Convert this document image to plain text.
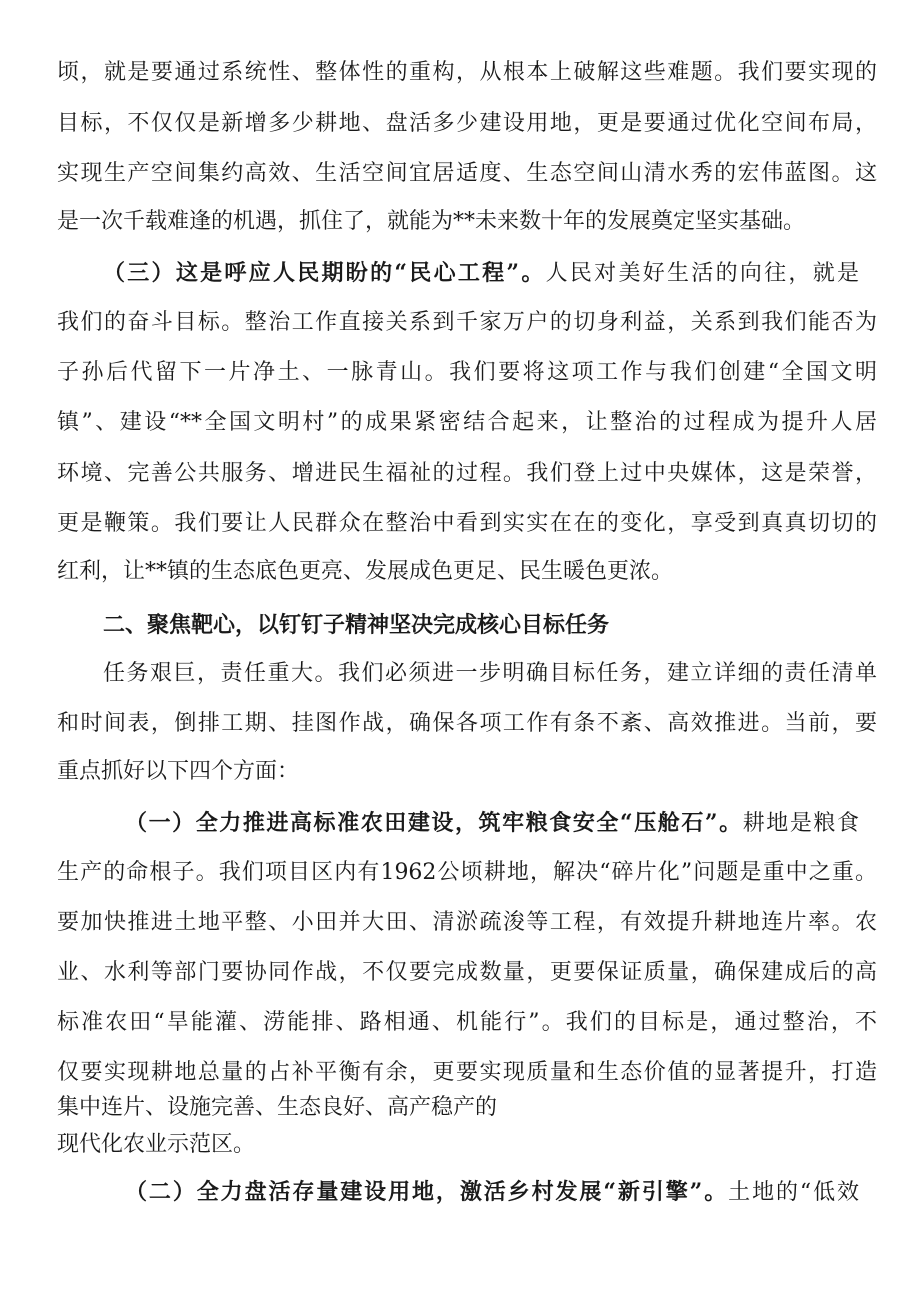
顷，就是要通过系统性、整体性的重构，从根本上破解这些难题。我们要实现的
目标，不仅仅是新增多少耕地、盘活多少建设用地，更是要通过优化空间布局，
实现生产空间集约高效、生活空间宜居适度、生态空间山清水秀的宏伟蓝图。这
是一次千载难逢的机遇，抓住了，就能为**未来数十年的发展奠定坚实基础。
（三）这是呼应人民期盼的“民心工程”。人民对美好生活的向往，就是
我们的奋斗目标。整治工作直接关系到千家万户的切身利益，关系到我们能否为
子孙后代留下一片净土、一脉青山。我们要将这项工作与我们创建“全国文明
镇”、建设“**全国文明村”的成果紧密结合起来，让整治的过程成为提升人居
环境、完善公共服务、增进民生福祉的过程。我们登上过中央媒体，这是荣誉，
更是鞭策。我们要让人民群众在整治中看到实实在在的变化，享受到真真切切的
红利，让**镇的生态底色更亮、发展成色更足、民生暖色更浓。
二、聚焦靶心，以钉钉子精神坚决完成核心目标任务
任务艰巨，责任重大。我们必须进一步明确目标任务，建立详细的责任清单
和时间表，倒排工期、挂图作战，确保各项工作有条不紊、高效推进。当前，要
重点抓好以下四个方面：
（一）全力推进高标准农田建设，筑牢粮食安全“压舱石”。耕地是粮食
生产的命根子。我们项目区内有1962公顷耕地，解决“碎片化”问题是重中之重。
要加快推进土地平整、小田并大田、清淤疏浚等工程，有效提升耕地连片率。农
业、水利等部门要协同作战，不仅要完成数量，更要保证质量，确保建成后的高
标准农田“旱能灌、涝能排、路相通、机能行”。我们的目标是，通过整治，不
仅要实现耕地总量的占补平衡有余，更要实现质量和生态价值的显著提升，打造
集中连片、设施完善、生态良好、高产稳产的
现代化农业示范区。
（二）全力盘活存量建设用地，激活乡村发展“新引擎”。土地的“低效
